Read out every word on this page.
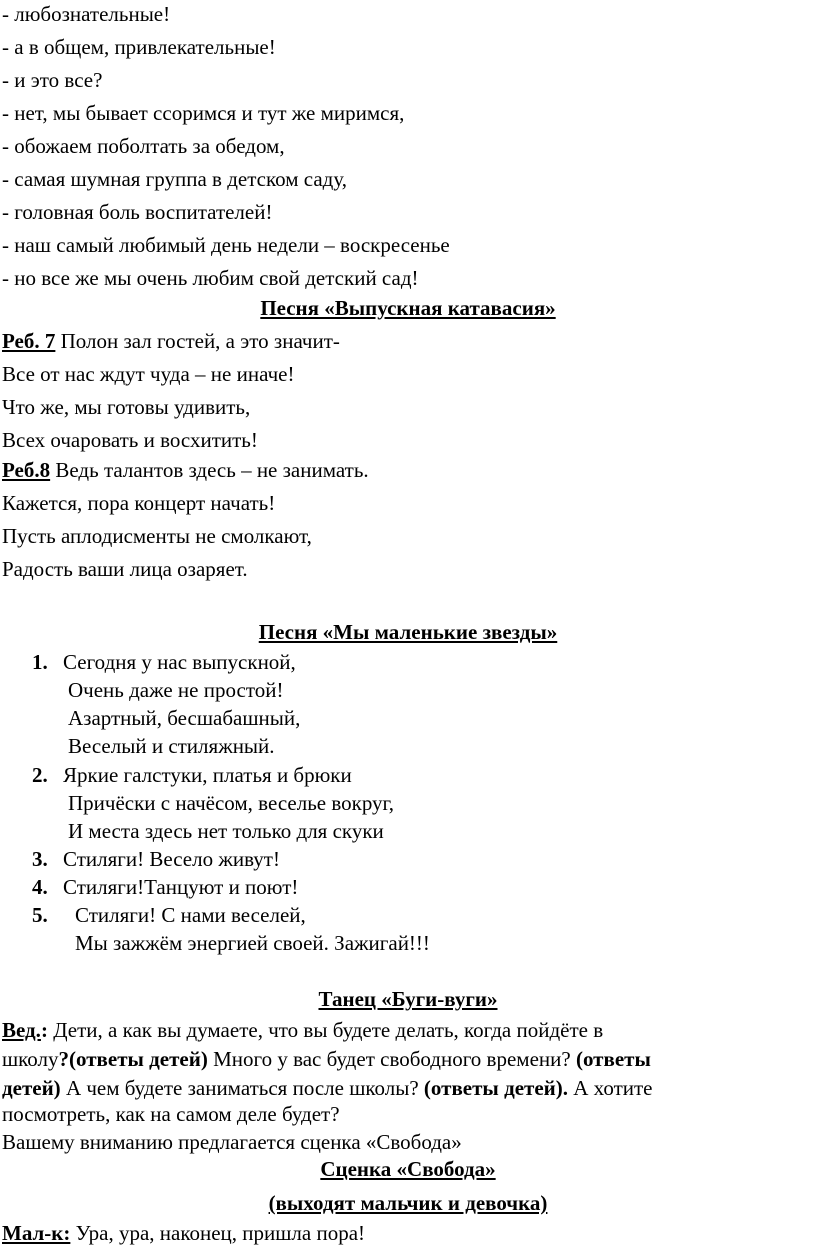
- любознательные!
- а в общем, привлекательные!
- и это все?
- нет, мы бывает ссоримся и тут же миримся,
- обожаем поболтать за обедом,
- самая шумная группа в детском саду,
- головная боль воспитателей!
- наш самый любимый день недели – воскресенье
- но все же мы очень любим свой детский сад!
Песня «Выпускная катавасия»
Реб. 7 Полон зал гостей, а это значит-
Все от нас ждут чуда – не иначе!
Что же, мы готовы удивить,
Всех очаровать и восхитить!
Реб.8 Ведь талантов здесь – не занимать.
Кажется, пора концерт начать!
Пусть аплодисменты не смолкают,
Радость ваши лица озаряет.
Песня «Мы маленькие звезды»
1. Сегодня у нас выпускной,
Очень даже не простой!
Азартный, бесшабашный,
Веселый и стиляжный.
2. Яркие галстуки, платья и брюки
Причёски с начёсом, веселье вокруг,
И места здесь нет только для скуки
3. Стиляги! Весело живут!
4. Стиляги!Танцуют и поют!
5. Стиляги! С нами веселей,
Мы зажжём энергией своей. Зажигай!!!
Танец «Буги-вуги»
Вед.: Дети, а как вы думаете, что вы будете делать, когда пойдёте в
школу?(ответы детей) Много у вас будет свободного времени? (ответы
детей) А чем будете заниматься после школы? (ответы детей). А хотите
посмотреть, как на самом деле будет?
Вашему вниманию предлагается сценка «Свобода»
Сценка «Свобода»
(выходят мальчик и девочка)
Мал-к: Ура, ура, наконец, пришла пора!
